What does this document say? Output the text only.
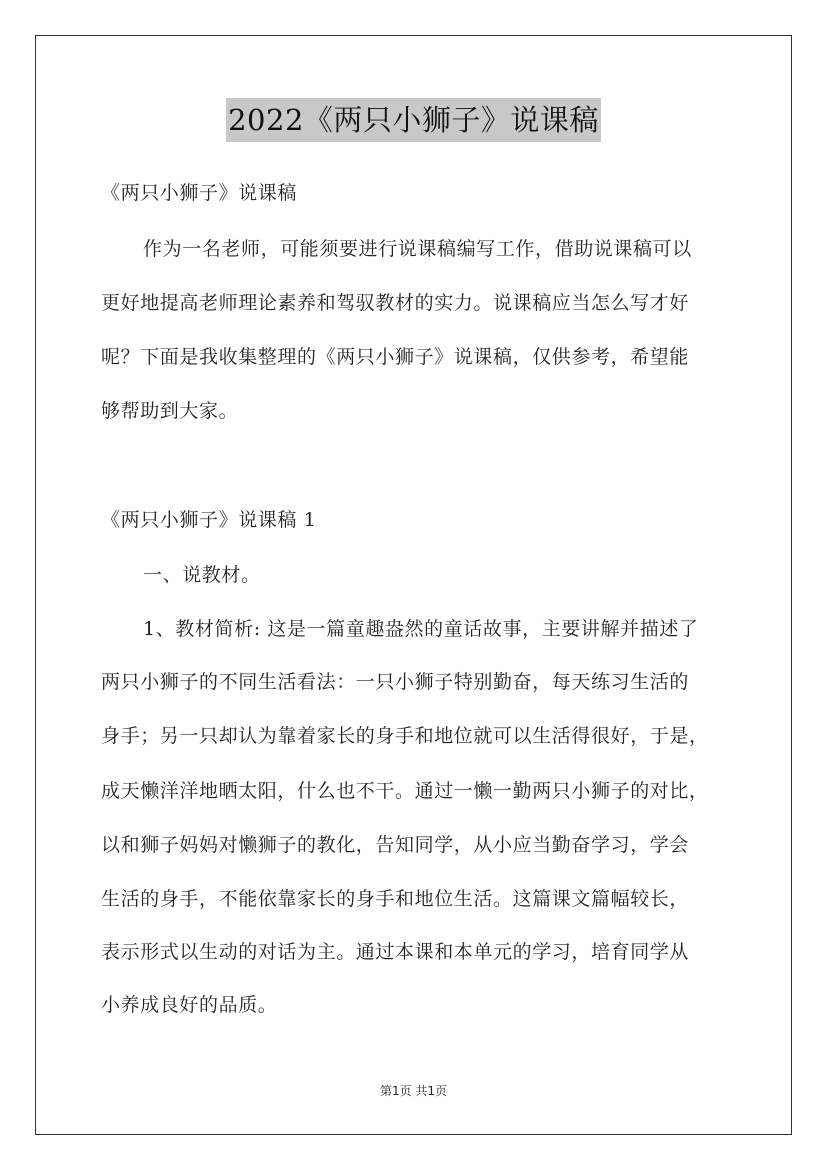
2022《两只小狮子》说课稿
《两只小狮子》说课稿
作为一名老师，可能须要进行说课稿编写工作，借助说课稿可以
更好地提高老师理论素养和驾驭教材的实力。说课稿应当怎么写才好
呢？下面是我收集整理的《两只小狮子》说课稿，仅供参考，希望能
够帮助到大家。
《两只小狮子》说课稿 1
一、说教材。
1、教材简析: 这是一篇童趣盎然的童话故事，主要讲解并描述了
两只小狮子的不同生活看法：一只小狮子特别勤奋，每天练习生活的
身手；另一只却认为靠着家长的身手和地位就可以生活得很好，于是，
成天懒洋洋地晒太阳，什么也不干。通过一懒一勤两只小狮子的对比，
以和狮子妈妈对懒狮子的教化，告知同学，从小应当勤奋学习，学会
生活的身手，不能依靠家长的身手和地位生活。这篇课文篇幅较长，
表示形式以生动的对话为主。通过本课和本单元的学习，培育同学从
小养成良好的品质。
第1页 共1页
